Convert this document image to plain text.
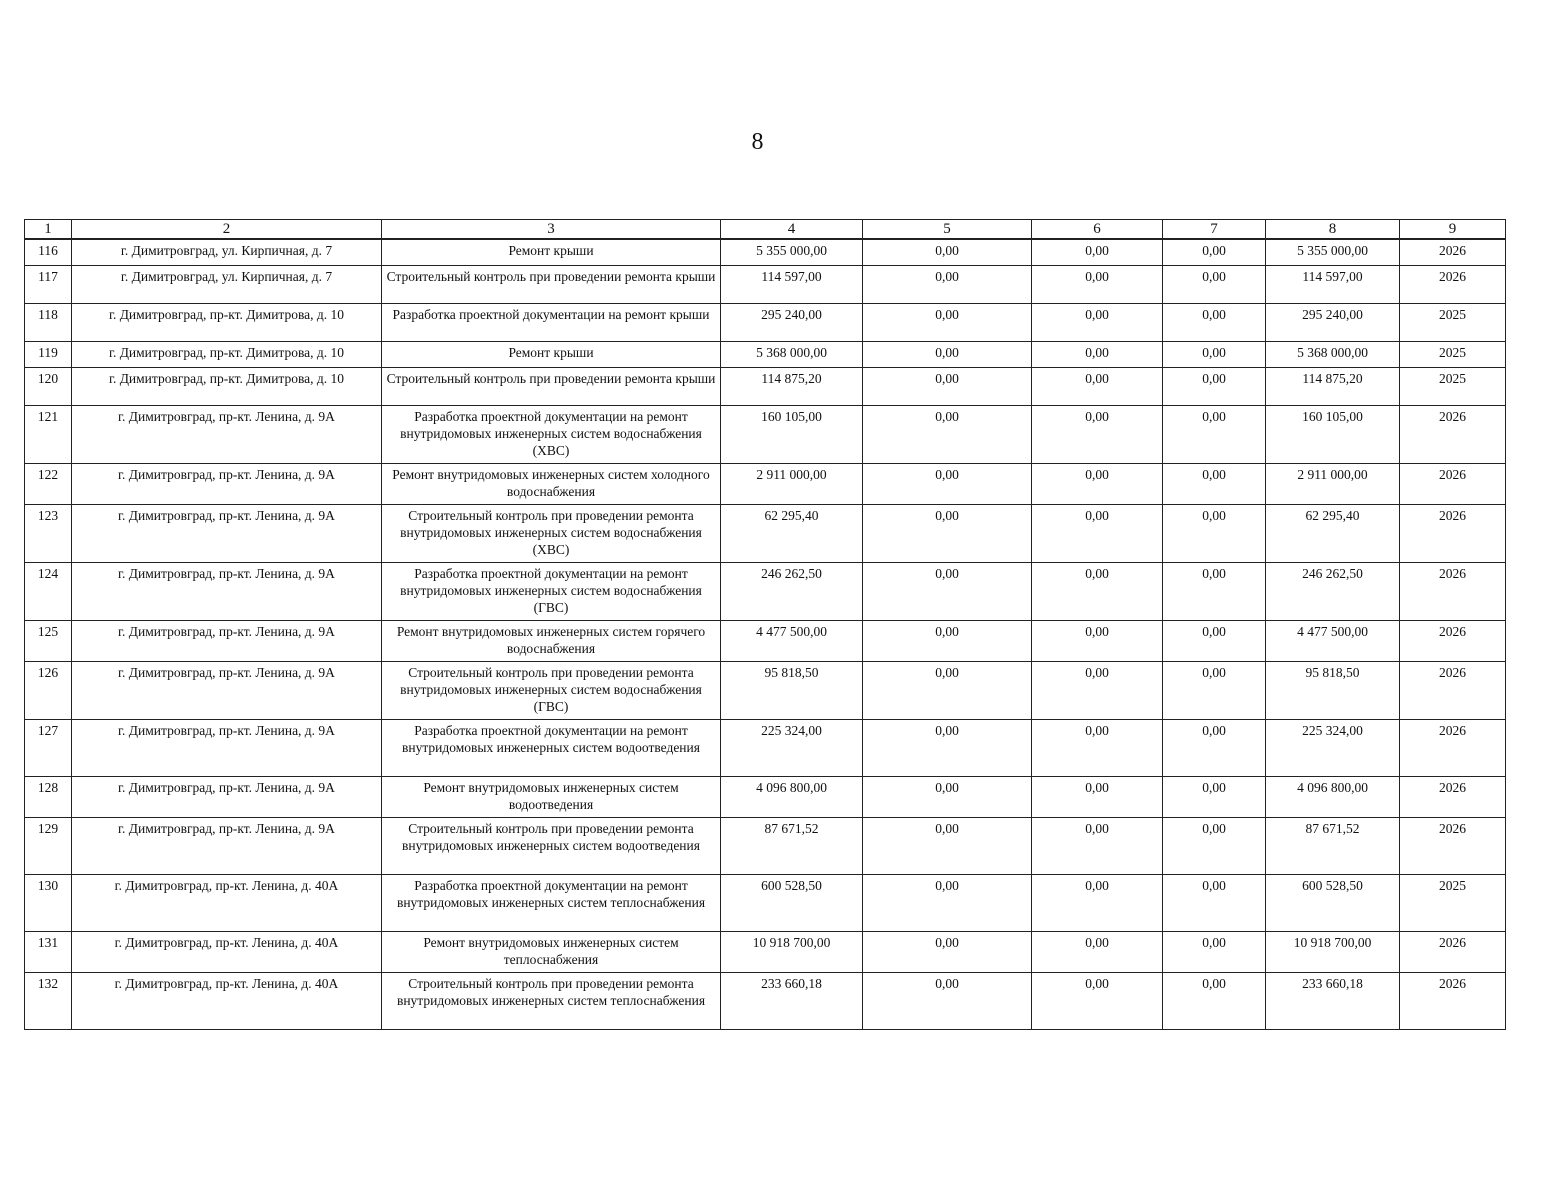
8
1	2	3	4	5	6	7	8	9
116	г. Димитровград, ул. Кирпичная, д. 7	Ремонт крыши	5 355 000,00	0,00	0,00	0,00	5 355 000,00	2026
117	г. Димитровград, ул. Кирпичная, д. 7	Строительный контроль при проведении ремонта крыши	114 597,00	0,00	0,00	0,00	114 597,00	2026
118	г. Димитровград, пр-кт. Димитрова, д. 10	Разработка проектной документации на ремонт крыши	295 240,00	0,00	0,00	0,00	295 240,00	2025
119	г. Димитровград, пр-кт. Димитрова, д. 10	Ремонт крыши	5 368 000,00	0,00	0,00	0,00	5 368 000,00	2025
120	г. Димитровград, пр-кт. Димитрова, д. 10	Строительный контроль при проведении ремонта крыши	114 875,20	0,00	0,00	0,00	114 875,20	2025
121	г. Димитровград, пр-кт. Ленина, д. 9А	Разработка проектной документации на ремонт внутридомовых инженерных систем водоснабжения (ХВС)	160 105,00	0,00	0,00	0,00	160 105,00	2026
122	г. Димитровград, пр-кт. Ленина, д. 9А	Ремонт внутридомовых инженерных систем холодного водоснабжения	2 911 000,00	0,00	0,00	0,00	2 911 000,00	2026
123	г. Димитровград, пр-кт. Ленина, д. 9А	Строительный контроль при проведении ремонта внутридомовых инженерных систем водоснабжения (ХВС)	62 295,40	0,00	0,00	0,00	62 295,40	2026
124	г. Димитровград, пр-кт. Ленина, д. 9А	Разработка проектной документации на ремонт внутридомовых инженерных систем водоснабжения (ГВС)	246 262,50	0,00	0,00	0,00	246 262,50	2026
125	г. Димитровград, пр-кт. Ленина, д. 9А	Ремонт внутридомовых инженерных систем горячего водоснабжения	4 477 500,00	0,00	0,00	0,00	4 477 500,00	2026
126	г. Димитровград, пр-кт. Ленина, д. 9А	Строительный контроль при проведении ремонта внутридомовых инженерных систем водоснабжения (ГВС)	95 818,50	0,00	0,00	0,00	95 818,50	2026
127	г. Димитровград, пр-кт. Ленина, д. 9А	Разработка проектной документации на ремонт внутридомовых инженерных систем водоотведения	225 324,00	0,00	0,00	0,00	225 324,00	2026
128	г. Димитровград, пр-кт. Ленина, д. 9А	Ремонт внутридомовых инженерных систем водоотведения	4 096 800,00	0,00	0,00	0,00	4 096 800,00	2026
129	г. Димитровград, пр-кт. Ленина, д. 9А	Строительный контроль при проведении ремонта внутридомовых инженерных систем водоотведения	87 671,52	0,00	0,00	0,00	87 671,52	2026
130	г. Димитровград, пр-кт. Ленина, д. 40А	Разработка проектной документации на ремонт внутридомовых инженерных систем теплоснабжения	600 528,50	0,00	0,00	0,00	600 528,50	2025
131	г. Димитровград, пр-кт. Ленина, д. 40А	Ремонт внутридомовых инженерных систем теплоснабжения	10 918 700,00	0,00	0,00	0,00	10 918 700,00	2026
132	г. Димитровград, пр-кт. Ленина, д. 40А	Строительный контроль при проведении ремонта внутридомовых инженерных систем теплоснабжения	233 660,18	0,00	0,00	0,00	233 660,18	2026
